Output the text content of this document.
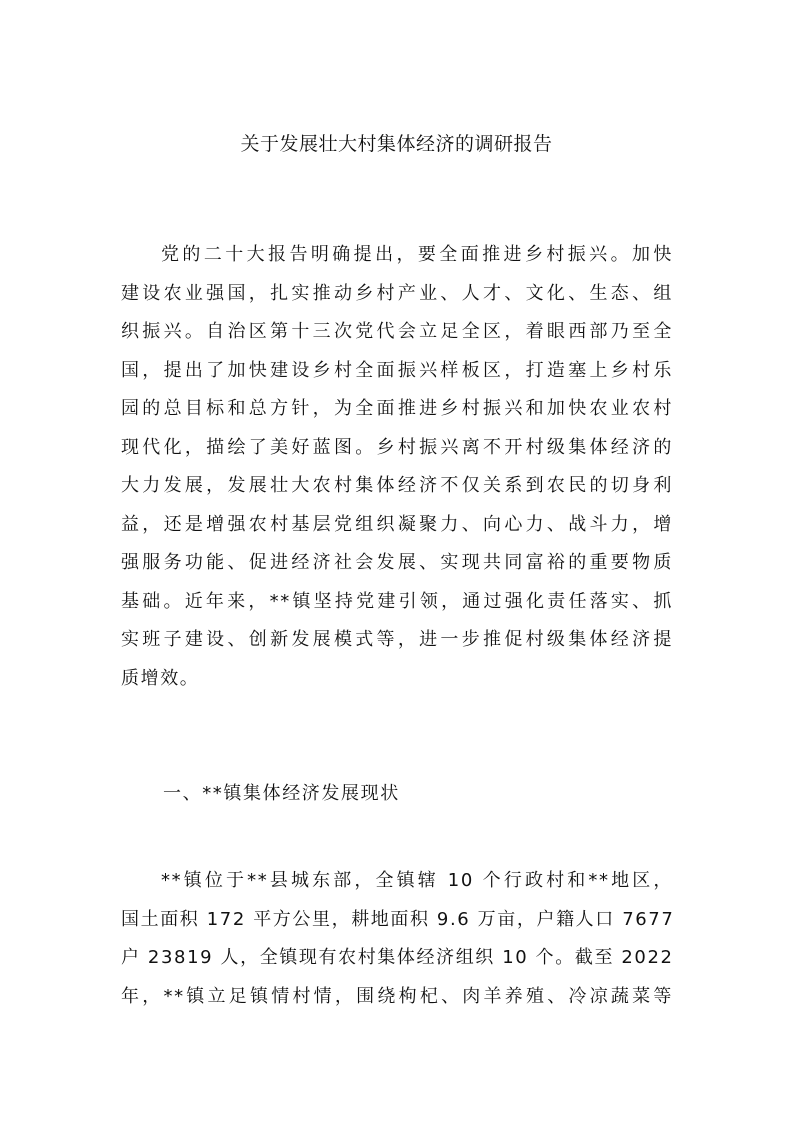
关于发展壮大村集体经济的调研报告
党的二十大报告明确提出，要全面推进乡村振兴。加快
建设农业强国，扎实推动乡村产业、人才、文化、生态、组
织振兴。自治区第十三次党代会立足全区，着眼西部乃至全
国，提出了加快建设乡村全面振兴样板区，打造塞上乡村乐
园的总目标和总方针，为全面推进乡村振兴和加快农业农村
现代化，描绘了美好蓝图。乡村振兴离不开村级集体经济的
大力发展，发展壮大农村集体经济不仅关系到农民的切身利
益，还是增强农村基层党组织凝聚力、向心力、战斗力，增
强服务功能、促进经济社会发展、实现共同富裕的重要物质
基础。近年来，**镇坚持党建引领，通过强化责任落实、抓
实班子建设、创新发展模式等，进一步推促村级集体经济提
质增效。
一、**镇集体经济发展现状
**镇位于**县城东部，全镇辖 10 个行政村和**地区，
国土面积 172 平方公里，耕地面积 9.6 万亩，户籍人口 7677
户 23819 人，全镇现有农村集体经济组织 10 个。截至 2022
年，**镇立足镇情村情，围绕枸杞、肉羊养殖、冷凉蔬菜等
